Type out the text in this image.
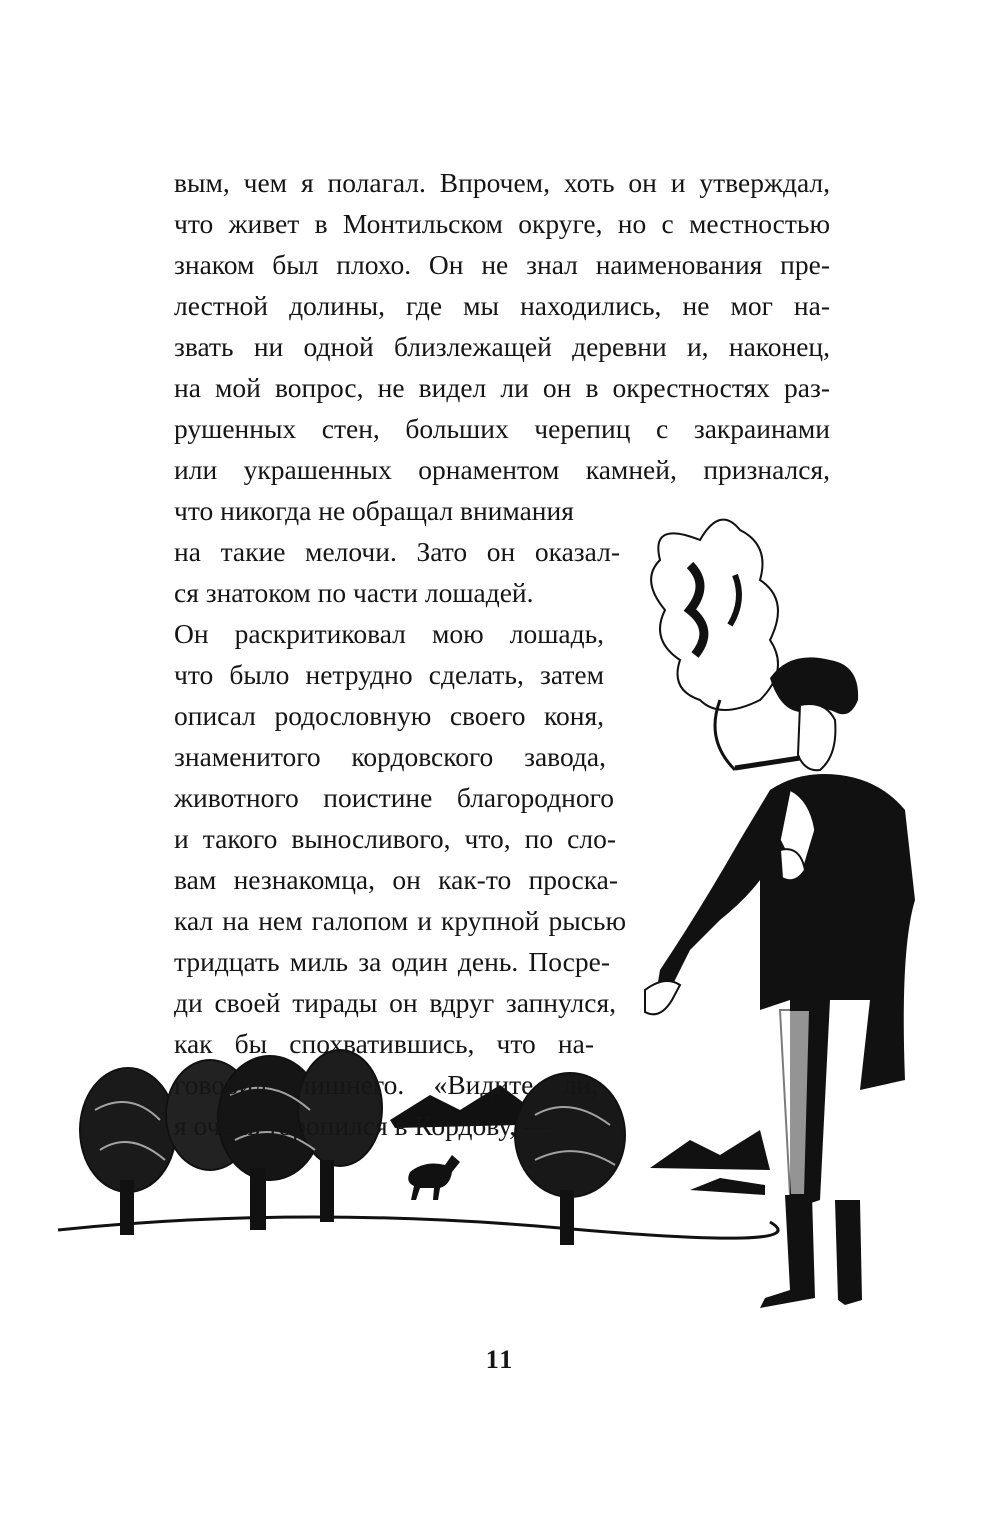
вым, чем я полагал. Впрочем, хоть он и утверждал,
что живет в Монтильском округе, но с местностью
знаком был плохо. Он не знал наименования пре-
лестной долины, где мы находились, не мог на-
звать ни одной близлежащей деревни и, наконец,
на мой вопрос, не видел ли он в окрестностях раз-
рушенных стен, больших черепиц с закраинами
или украшенных орнаментом камней, признался,
что никогда не обращал внимания
на такие мелочи. Зато он оказал-
ся знатоком по части лошадей.
Он раскритиковал мою лошадь,
что было нетрудно сделать, затем
описал родословную своего коня,
знаменитого кордовского завода,
животного поистине благородного
и такого выносливого, что, по сло-
вам незнакомца, он как-то проска-
кал на нем галопом и крупной рысью
тридцать миль за один день. Посре-
ди своей тирады он вдруг запнулся,
как бы спохватившись, что на-
говорил лишнего. «Видите ли,
я очень торопился в Кордову, —
11
